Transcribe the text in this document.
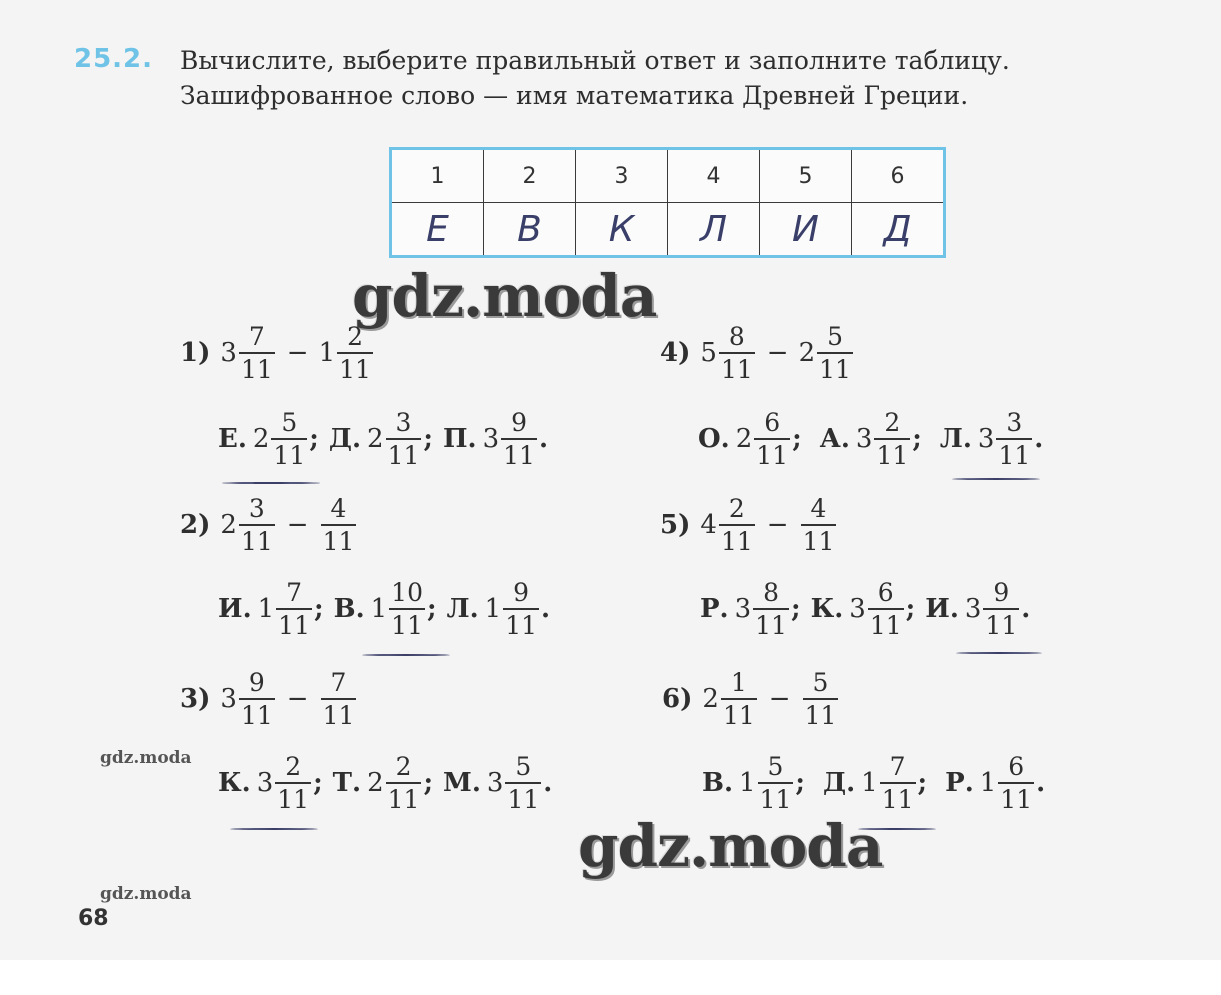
25.2. Вычислите, выберите правильный ответ и заполните таблицу. Зашифрованное слово — имя математика Древней Греции.

1	2	3	4	5	6
Е	В	К	Л	И	Д
1) $3 \frac{7}{11} - 1 \frac{2}{11}$
Е. $2 \frac{5}{11}$ ; Д. $2 \frac{3}{11}$ ; П. $3 \frac{9}{11}$ .
2) $2 \frac{3}{11} - \frac{4}{11}$
И. $1 \frac{7}{11}$ ; В. $1 \frac{10}{11}$ ; Л. $1 \frac{9}{11}$ .
3) $3 \frac{9}{11} - \frac{7}{11}$
К. $3 \frac{2}{11}$ ; Т. $2 \frac{2}{11}$ ; М. $3 \frac{5}{11}$ .
4) $5 \frac{8}{11} - 2 \frac{5}{11}$
О. $2 \frac{6}{11}$ ; А. $3 \frac{2}{11}$ ; Л. $3 \frac{3}{11}$ .
5) $4 \frac{2}{11} - \frac{4}{11}$
Р. $3 \frac{8}{11}$ ; К. $3 \frac{6}{11}$ ; И. $3 \frac{9}{11}$ .
6) $2 \frac{1}{11} - \frac{5}{11}$
В. $1 \frac{5}{11}$ ; Д. $1 \frac{7}{11}$ ; Р. $1 \frac{6}{11}$ .
gdz.moda
gdz.moda
gdz.moda
gdz.moda
68
